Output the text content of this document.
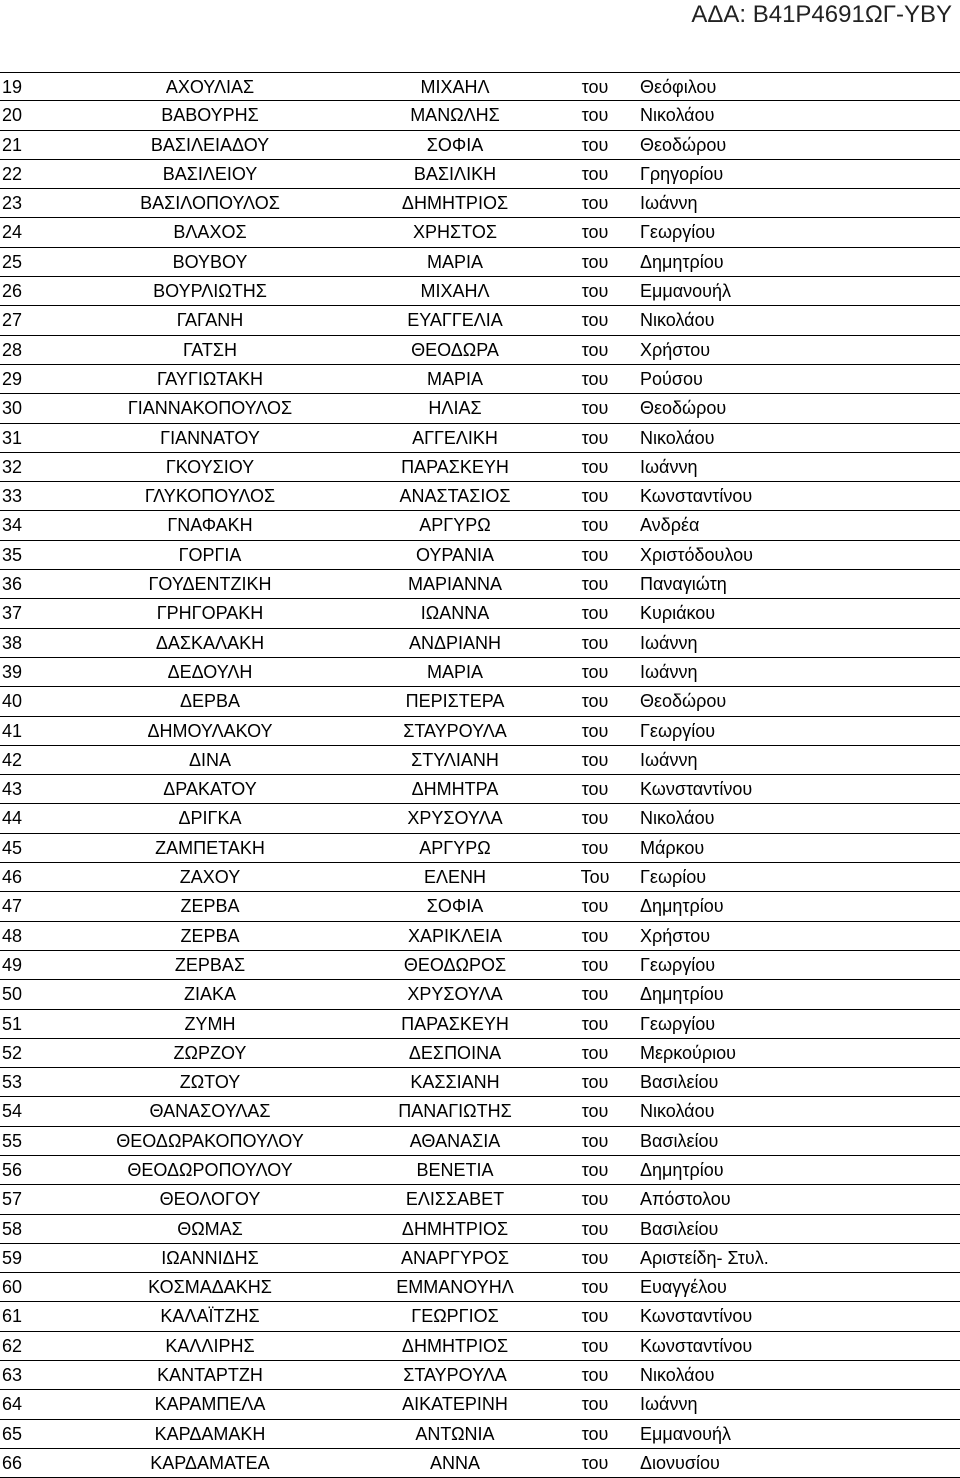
ΑΔΑ: Β41Ρ4691ΩΓ-ΥΒΥ
19	ΑΧΟΥΛΙΑΣ	ΜΙΧΑΗΛ	του	Θεόφιλου
20	ΒΑΒΟΥΡΗΣ	ΜΑΝΩΛΗΣ	του	Νικολάου
21	ΒΑΣΙΛΕΙΑΔΟΥ	ΣΟΦΙΑ	του	Θεοδώρου
22	ΒΑΣΙΛΕΙΟΥ	ΒΑΣΙΛΙΚΗ	του	Γρηγορίου
23	ΒΑΣΙΛΟΠΟΥΛΟΣ	ΔΗΜΗΤΡΙΟΣ	του	Ιωάννη
24	ΒΛΑΧΟΣ	ΧΡΗΣΤΟΣ	του	Γεωργίου
25	ΒΟΥΒΟΥ	ΜΑΡΙΑ	του	Δημητρίου
26	ΒΟΥΡΛΙΩΤΗΣ	ΜΙΧΑΗΛ	του	Εμμανουήλ
27	ΓΑΓΑΝΗ	ΕΥΑΓΓΕΛΙΑ	του	Νικολάου
28	ΓΑΤΣΗ	ΘΕΟΔΩΡΑ	του	Χρήστου
29	ΓΑΥΓΙΩΤΑΚΗ	ΜΑΡΙΑ	του	Ρούσου
30	ΓΙΑΝΝΑΚΟΠΟΥΛΟΣ	ΗΛΙΑΣ	του	Θεοδώρου
31	ΓΙΑΝΝΑΤΟΥ	ΑΓΓΕΛΙΚΗ	του	Νικολάου
32	ΓΚΟΥΣΙΟΥ	ΠΑΡΑΣΚΕΥΗ	του	Ιωάννη
33	ΓΛΥΚΟΠΟΥΛΟΣ	ΑΝΑΣΤΑΣΙΟΣ	του	Κωνσταντίνου
34	ΓΝΑΦΑΚΗ	ΑΡΓΥΡΩ	του	Ανδρέα
35	ΓΟΡΓΙΑ	ΟΥΡΑΝΙΑ	του	Χριστόδουλου
36	ΓΟΥΔΕΝΤΖΙΚΗ	ΜΑΡΙΑΝΝΑ	του	Παναγιώτη
37	ΓΡΗΓΟΡΑΚΗ	ΙΩΑΝΝΑ	του	Κυριάκου
38	ΔΑΣΚΑΛΑΚΗ	ΑΝΔΡΙΑΝΗ	του	Ιωάννη
39	ΔΕΔΟΥΛΗ	ΜΑΡΙΑ	του	Ιωάννη
40	ΔΕΡΒΑ	ΠΕΡΙΣΤΕΡΑ	του	Θεοδώρου
41	ΔΗΜΟΥΛΑΚΟΥ	ΣΤΑΥΡΟΥΛΑ	του	Γεωργίου
42	ΔΙΝΑ	ΣΤΥΛΙΑΝΗ	του	Ιωάννη
43	ΔΡΑΚΑΤΟΥ	ΔΗΜΗΤΡΑ	του	Κωνσταντίνου
44	ΔΡΙΓΚΑ	ΧΡΥΣΟΥΛΑ	του	Νικολάου
45	ΖΑΜΠΕΤΑΚΗ	ΑΡΓΥΡΩ	του	Μάρκου
46	ΖΑΧΟΥ	ΕΛΕΝΗ	Του	Γεωρίου
47	ΖΕΡΒΑ	ΣΟΦΙΑ	του	Δημητρίου
48	ΖΕΡΒΑ	ΧΑΡΙΚΛΕΙΑ	του	Χρήστου
49	ΖΕΡΒΑΣ	ΘΕΟΔΩΡΟΣ	του	Γεωργίου
50	ΖΙΑΚΑ	ΧΡΥΣΟΥΛΑ	του	Δημητρίου
51	ΖΥΜΗ	ΠΑΡΑΣΚΕΥΗ	του	Γεωργίου
52	ΖΩΡΖΟΥ	ΔΕΣΠΟΙΝΑ	του	Μερκούριου
53	ΖΩΤΟΥ	ΚΑΣΣΙΑΝΗ	του	Βασιλείου
54	ΘΑΝΑΣΟΥΛΑΣ	ΠΑΝΑΓΙΩΤΗΣ	του	Νικολάου
55	ΘΕΟΔΩΡΑΚΟΠΟΥΛΟΥ	ΑΘΑΝΑΣΙΑ	του	Βασιλείου
56	ΘΕΟΔΩΡΟΠΟΥΛΟΥ	ΒΕΝΕΤΙΑ	του	Δημητρίου
57	ΘΕΟΛΟΓΟΥ	ΕΛΙΣΣΑΒΕΤ	του	Απόστολου
58	ΘΩΜΑΣ	ΔΗΜΗΤΡΙΟΣ	του	Βασιλείου
59	ΙΩΑΝΝΙΔΗΣ	ΑΝΑΡΓΥΡΟΣ	του	Αριστείδη- Στυλ.
60	ΚΟΣΜΑΔΑΚΗΣ	ΕΜΜΑΝΟΥΗΛ	του	Ευαγγέλου
61	ΚΑΛΑΪΤΖΗΣ	ΓΕΩΡΓΙΟΣ	του	Κωνσταντίνου
62	ΚΑΛΛΙΡΗΣ	ΔΗΜΗΤΡΙΟΣ	του	Κωνσταντίνου
63	ΚΑΝΤΑΡΤΖΗ	ΣΤΑΥΡΟΥΛΑ	του	Νικολάου
64	ΚΑΡΑΜΠΕΛΑ	ΑΙΚΑΤΕΡΙΝΗ	του	Ιωάννη
65	ΚΑΡΔΑΜΑΚΗ	ΑΝΤΩΝΙΑ	του	Εμμανουήλ
66	ΚΑΡΔΑΜΑΤΕΑ	ΑΝΝΑ	του	Διονυσίου
